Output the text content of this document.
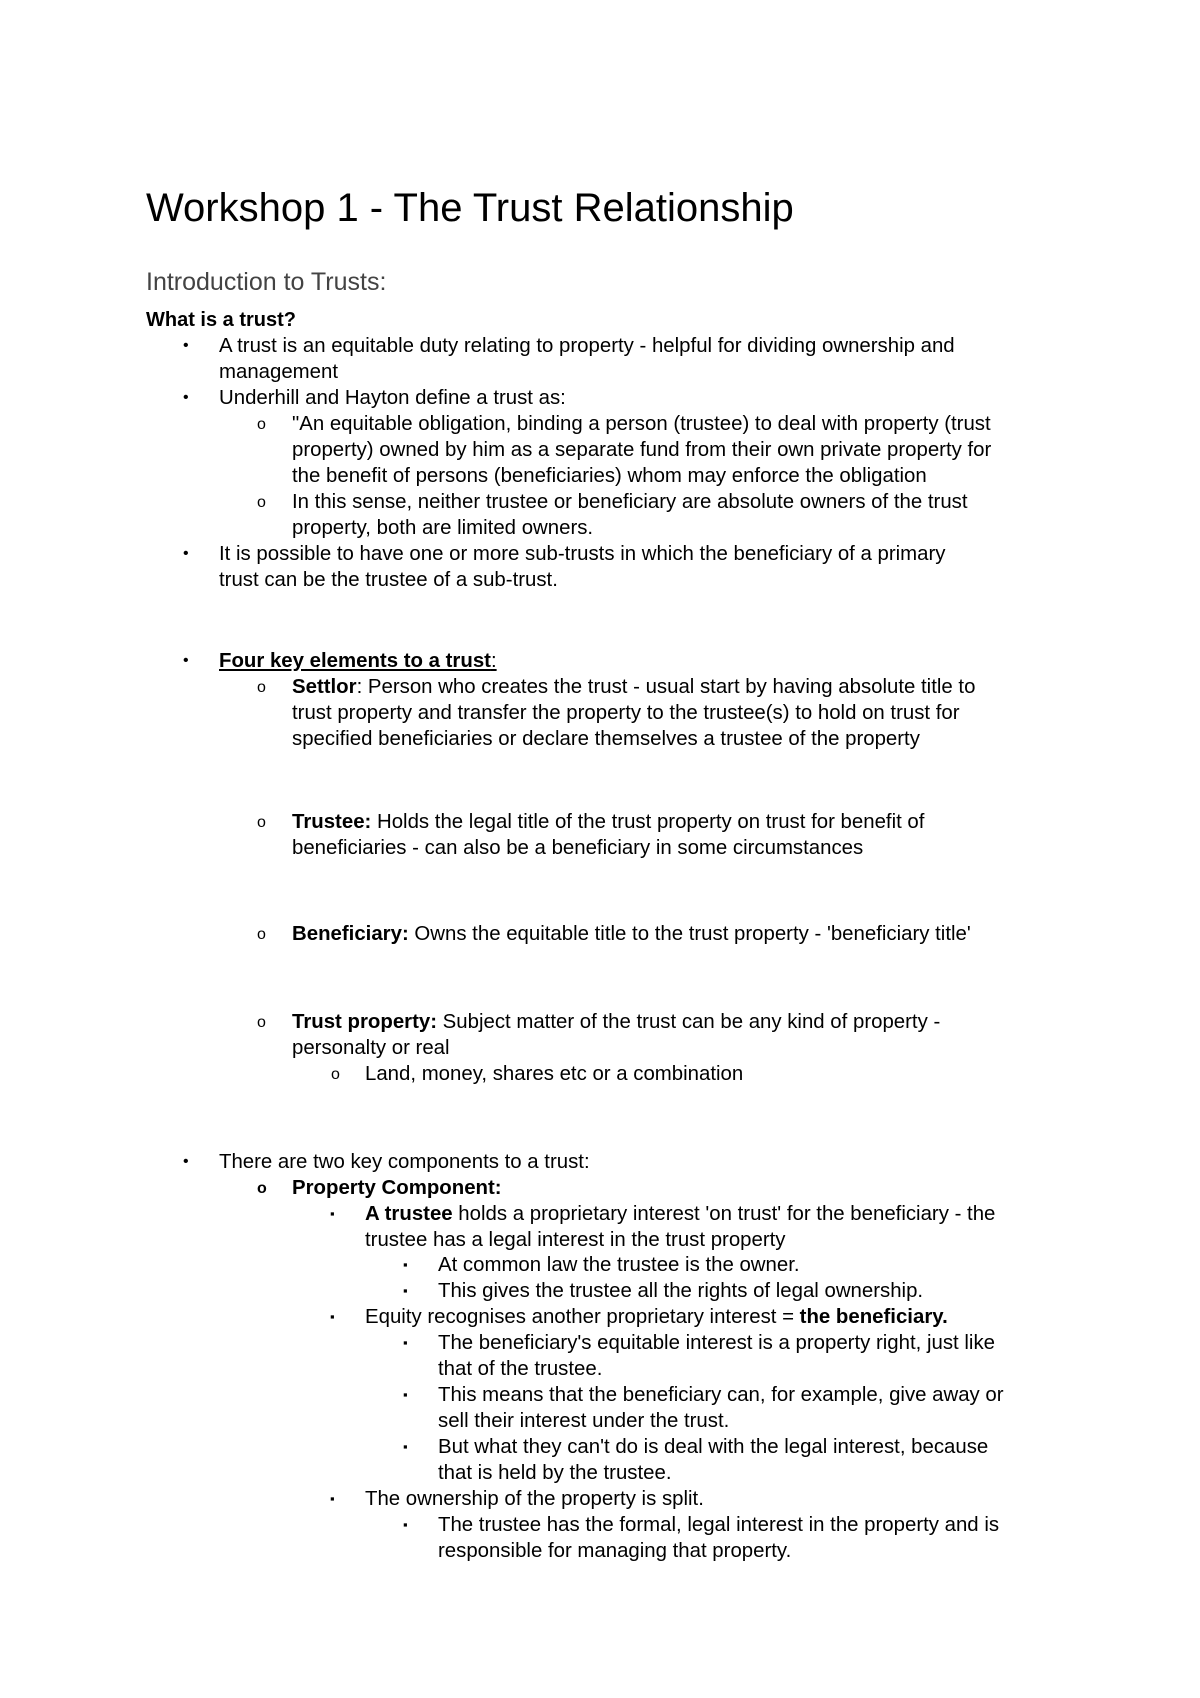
Workshop 1 - The Trust Relationship
Introduction to Trusts:
What is a trust?
• A trust is an equitable duty relating to property - helpful for dividing ownership and
management
• Underhill and Hayton define a trust as:
o "An equitable obligation, binding a person (trustee) to deal with property (trust
property) owned by him as a separate fund from their own private property for
the benefit of persons (beneficiaries) whom may enforce the obligation
o In this sense, neither trustee or beneficiary are absolute owners of the trust
property, both are limited owners.
• It is possible to have one or more sub-trusts in which the beneficiary of a primary
trust can be the trustee of a sub-trust.
• Four key elements to a trust:
o Settlor: Person who creates the trust - usual start by having absolute title to
trust property and transfer the property to the trustee(s) to hold on trust for
specified beneficiaries or declare themselves a trustee of the property
o Trustee: Holds the legal title of the trust property on trust for benefit of
beneficiaries - can also be a beneficiary in some circumstances
o Beneficiary: Owns the equitable title to the trust property - 'beneficiary title'
o Trust property: Subject matter of the trust can be any kind of property -
personalty or real
o Land, money, shares etc or a combination
• There are two key components to a trust:
o Property Component:
▪ A trustee holds a proprietary interest 'on trust' for the beneficiary - the
trustee has a legal interest in the trust property
▪ At common law the trustee is the owner.
▪ This gives the trustee all the rights of legal ownership.
▪ Equity recognises another proprietary interest = the beneficiary.
▪ The beneficiary's equitable interest is a property right, just like
that of the trustee.
▪ This means that the beneficiary can, for example, give away or
sell their interest under the trust.
▪ But what they can't do is deal with the legal interest, because
that is held by the trustee.
▪ The ownership of the property is split.
▪ The trustee has the formal, legal interest in the property and is
responsible for managing that property.
